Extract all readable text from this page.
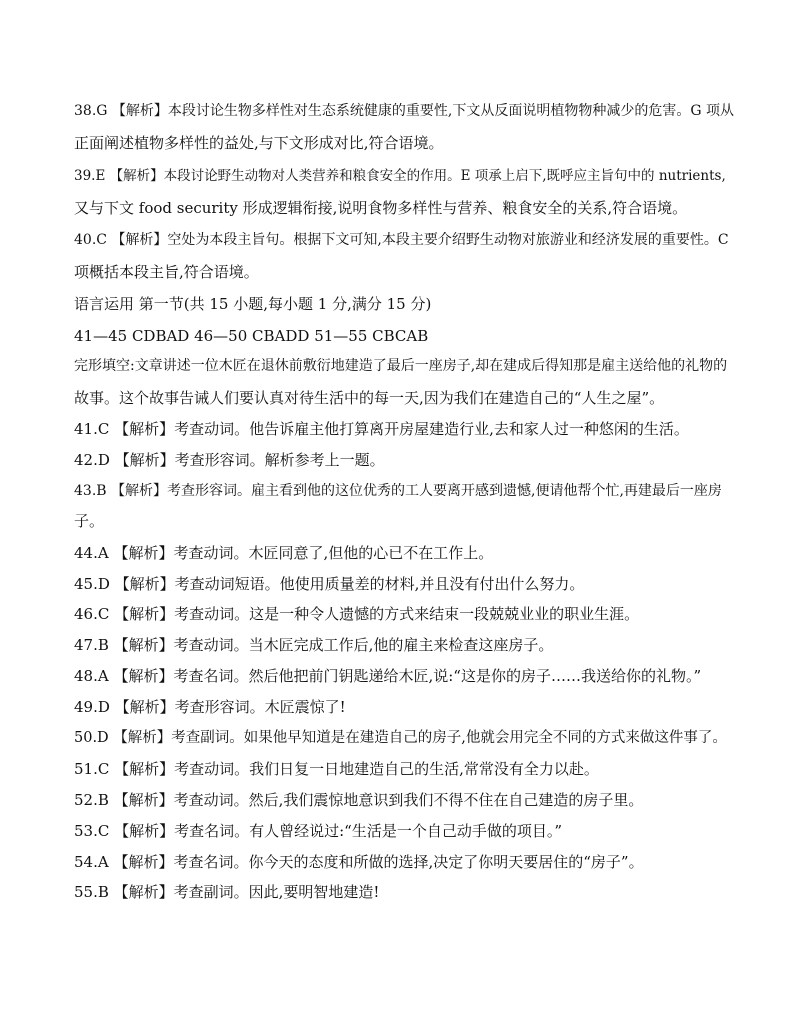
38.G 【解析】本段讨论生物多样性对生态系统健康的重要性,下文从反面说明植物物种减少的危害。G 项从
正面阐述植物多样性的益处,与下文形成对比,符合语境。
39.E 【解析】本段讨论野生动物对人类营养和粮食安全的作用。E 项承上启下,既呼应主旨句中的 nutrients,
又与下文 food security 形成逻辑衔接,说明食物多样性与营养、粮食安全的关系,符合语境。
40.C 【解析】空处为本段主旨句。根据下文可知,本段主要介绍野生动物对旅游业和经济发展的重要性。C
项概括本段主旨,符合语境。
语言运用 第一节(共 15 小题,每小题 1 分,满分 15 分)
41—45 CDBAD 46—50 CBADD 51—55 CBCAB
完形填空:文章讲述一位木匠在退休前敷衍地建造了最后一座房子,却在建成后得知那是雇主送给他的礼物的
故事。这个故事告诫人们要认真对待生活中的每一天,因为我们在建造自己的“人生之屋”。
41.C 【解析】考查动词。他告诉雇主他打算离开房屋建造行业,去和家人过一种悠闲的生活。
42.D 【解析】考查形容词。解析参考上一题。
43.B 【解析】考查形容词。雇主看到他的这位优秀的工人要离开感到遗憾,便请他帮个忙,再建最后一座房
子。
44.A 【解析】考查动词。木匠同意了,但他的心已不在工作上。
45.D 【解析】考查动词短语。他使用质量差的材料,并且没有付出什么努力。
46.C 【解析】考查动词。这是一种令人遗憾的方式来结束一段兢兢业业的职业生涯。
47.B 【解析】考查动词。当木匠完成工作后,他的雇主来检查这座房子。
48.A 【解析】考查名词。然后他把前门钥匙递给木匠,说:“这是你的房子……我送给你的礼物。”
49.D 【解析】考查形容词。木匠震惊了!
50.D 【解析】考查副词。如果他早知道是在建造自己的房子,他就会用完全不同的方式来做这件事了。
51.C 【解析】考查动词。我们日复一日地建造自己的生活,常常没有全力以赴。
52.B 【解析】考查动词。然后,我们震惊地意识到我们不得不住在自己建造的房子里。
53.C 【解析】考查名词。有人曾经说过:“生活是一个自己动手做的项目。”
54.A 【解析】考查名词。你今天的态度和所做的选择,决定了你明天要居住的“房子”。
55.B 【解析】考查副词。因此,要明智地建造!
